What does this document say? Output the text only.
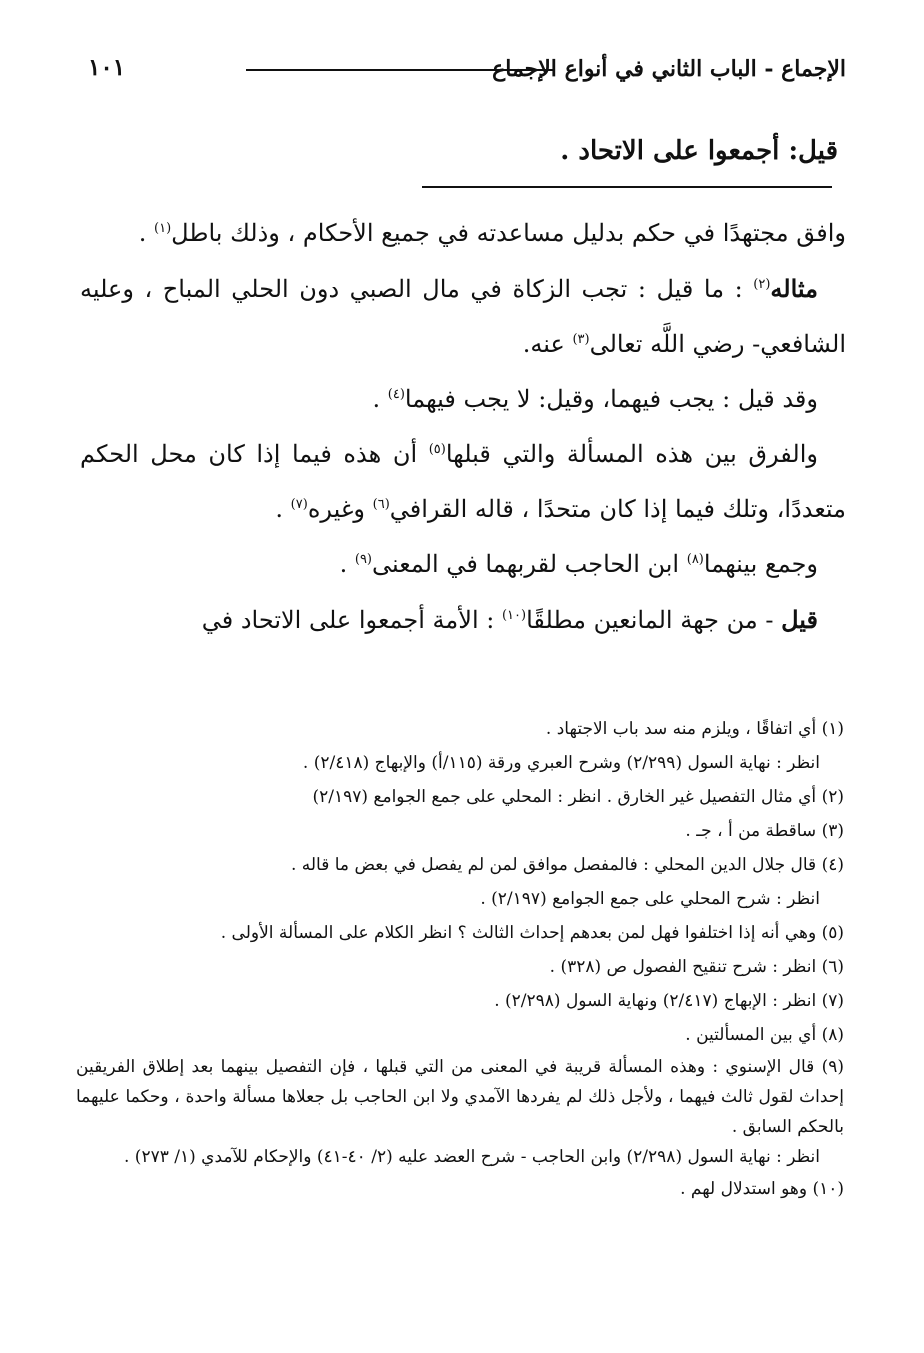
الإجماع - الباب الثاني في أنواع الإجماع
١٠١
قيل: أجمعوا على الاتحاد .

وافق مجتهدًا في حكم بدليل مساعدته في جميع الأحكام ، وذلك باطل$^{(١)}$ .

مثاله$^{(٢)}$ : ما قيل : تجب الزكاة في مال الصبي دون الحلي المباح ، وعليه الشافعي- رضي اللَّه تعالى$^{(٣)}$ عنه.

وقد قيل : يجب فيهما، وقيل: لا يجب فيهما$^{(٤)}$ .

والفرق بين هذه المسألة والتي قبلها$^{(٥)}$ أن هذه فيما إذا كان محل الحكم متعددًا، وتلك فيما إذا كان متحدًا ، قاله القرافي$^{(٦)}$ وغيره$^{(٧)}$ .

وجمع بينهما$^{(٨)}$ ابن الحاجب لقربهما في المعنى$^{(٩)}$ .

قيل - من جهة المانعين مطلقًا$^{(١٠)}$ : الأمة أجمعوا على الاتحاد في

(١) أي اتفاقًا ، ويلزم منه سد باب الاجتهاد .

انظر : نهاية السول (٢/٢٩٩) وشرح العبري ورقة (١١٥/أ) والإبهاج (٢/٤١٨) .

(٢) أي مثال التفصيل غير الخارق . انظر : المحلي على جمع الجوامع (٢/١٩٧)

(٣) ساقطة من أ ، جـ .

(٤) قال جلال الدين المحلي : فالمفصل موافق لمن لم يفصل في بعض ما قاله .

انظر : شرح المحلي على جمع الجوامع (٢/١٩٧) .

(٥) وهي أنه إذا اختلفوا فهل لمن بعدهم إحداث الثالث ؟ انظر الكلام على المسألة الأولى .

(٦) انظر : شرح تنقيح الفصول ص (٣٢٨) .

(٧) انظر : الإبهاج (٢/٤١٧) ونهاية السول (٢/٢٩٨) .

(٨) أي بين المسألتين .

(٩) قال الإسنوي : وهذه المسألة قريبة في المعنى من التي قبلها ، فإن التفصيل بينهما بعد إطلاق الفريقين إحداث لقول ثالث فيهما ، ولأجل ذلك لم يفردها الآمدي ولا ابن الحاجب بل جعلاها مسألة واحدة ، وحكما عليهما بالحكم السابق .

انظر : نهاية السول (٢/٢٩٨) وابن الحاجب - شرح العضد عليه (٢/ ٤٠-٤١) والإحكام للآمدي (١/ ٢٧٣) .

(١٠) وهو استدلال لهم .
